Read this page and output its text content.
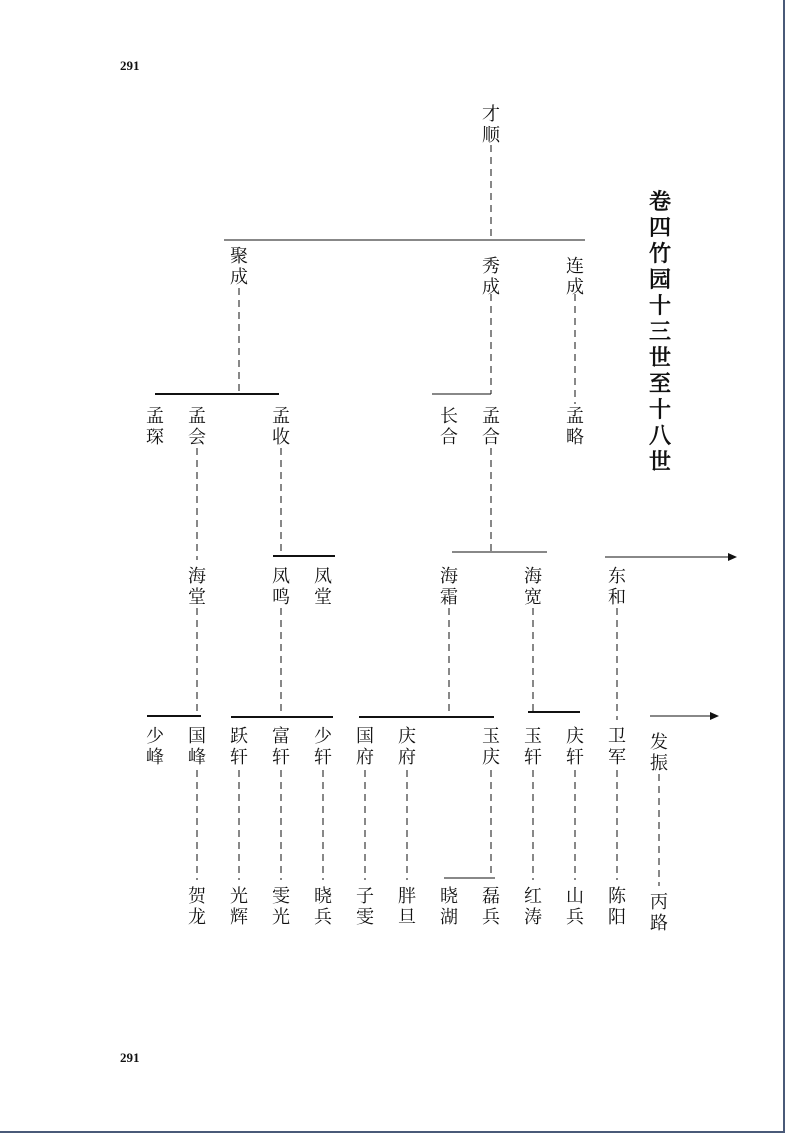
291
291
卷四竹园
十三世至十八世
才顺
聚成
秀成
连成
孟琛
孟会
孟收
长合
孟合
孟略
海堂
凤鸣
凤堂
海霜
海宽
东和
少峰
国峰
跃轩
富轩
少轩
国府
庆府
玉庆
玉轩
庆轩
卫军
发振
贺龙
光辉
雯光
晓兵
子雯
胖旦
晓湖
磊兵
红涛
山兵
陈阳
丙路
